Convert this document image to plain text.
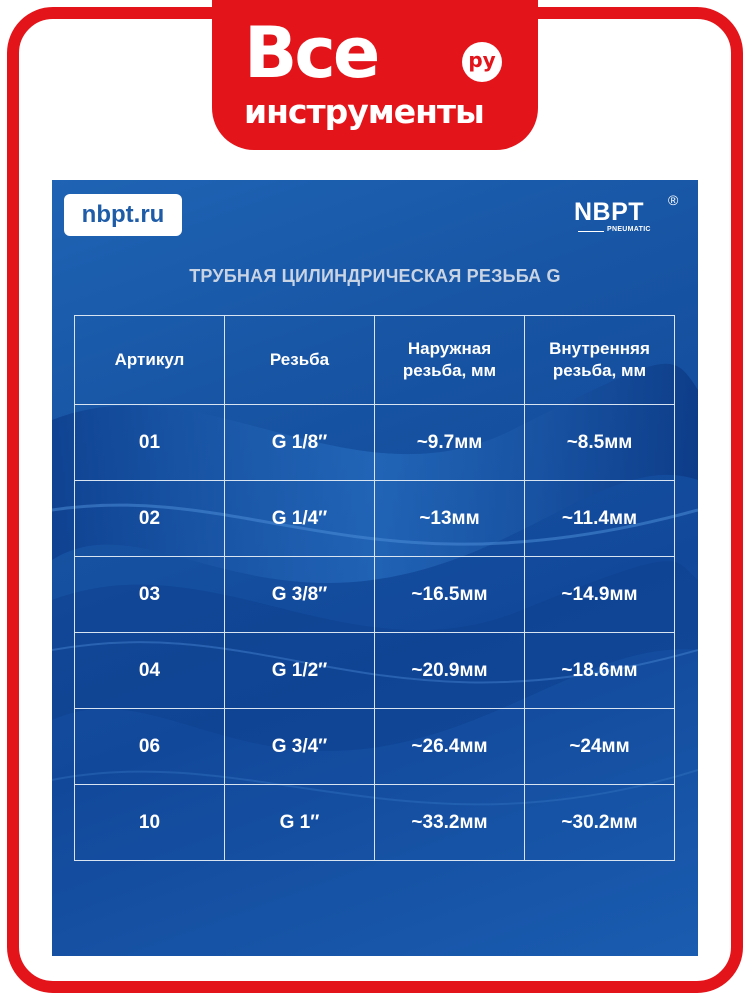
Все	ру
инструменты
nbpt.ru	NBPT ®
PNEUMATIC
ТРУБНАЯ ЦИЛИНДРИЧЕСКАЯ РЕЗЬБА G
Артикул	Резьба	Наружная резьба, мм	Внутренняя резьба, мм
01	G 1/8″	~9.7мм	~8.5мм
02	G 1/4″	~13мм	~11.4мм
03	G 3/8″	~16.5мм	~14.9мм
04	G 1/2″	~20.9мм	~18.6мм
06	G 3/4″	~26.4мм	~24мм
10	G 1″	~33.2мм	~30.2мм
